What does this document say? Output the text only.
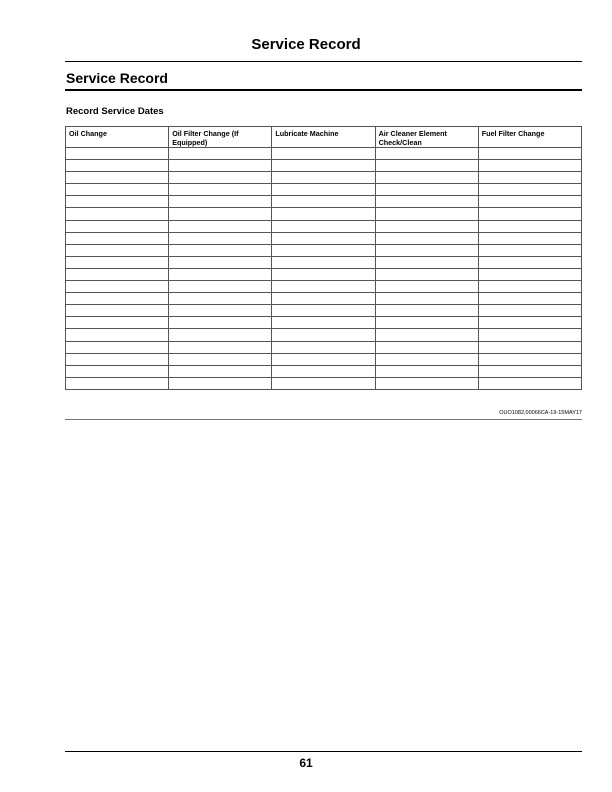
Service Record
Service Record
Record Service Dates
Oil Change	Oil Filter Change (If Equipped)	Lubricate Machine	Air Cleaner Element Check/Clean	Fuel Filter Change

OUO1082,00066CA-19-15MAY17
61
